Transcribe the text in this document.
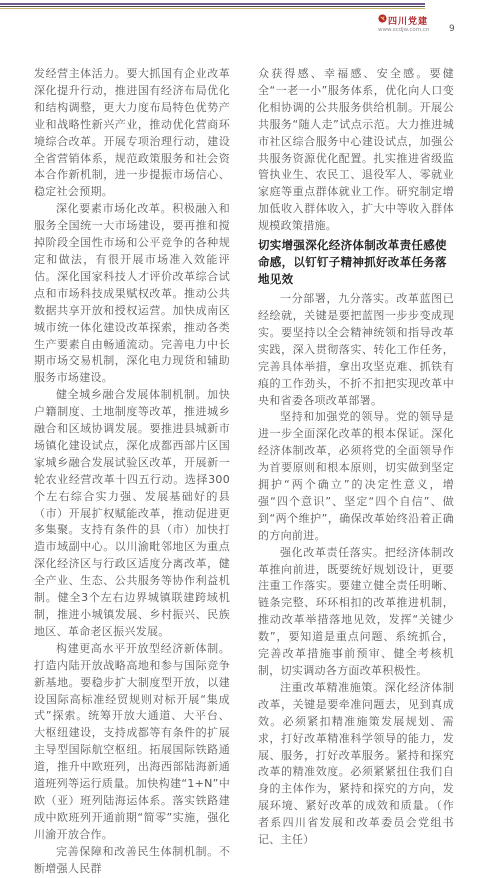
四川党建
www.scdjw.com.cn 9

发经营主体活力。要大抓国有企业改革深化提升行动，推进国有经济布局优化和结构调整，更大力度布局特色优势产业和战略性新兴产业，推动优化营商环境综合改革。开展专项治理行动，建设全省营销体系，规范政策服务和社会资本合作新机制，进一步提振市场信心、稳定社会预期。

深化要素市场化改革。积极融入和服务全国统一大市场建设，要再推和搅掉阶段全国性市场和公平竞争的各种规定和做法，有很开展市场准入效能评估。深化国家科技人才评价改革综合试点和市场科技成果赋权改革。推动公共数据共享开放和授权运营。加快成南区城市统一体化建设改革探索，推动各类生产要素自由畅通流动。完善电力中长期市场交易机制，深化电力现货和辅助服务市场建设。

健全城乡融合发展体制机制。加快户籍制度、土地制度等改革，推进城乡融合和区域协调发展。要推进县城新市场镇化建设试点，深化成都西部片区国家城乡融合发展试验区改革，开展新一轮农业经营改革十四五行动。选择300个左右综合实力强、发展基础好的县（市）开展扩权赋能改革，推动促进更多集聚。支持有条件的县（市）加快打造市域副中心。以川渝毗邻地区为重点深化经济区与行政区适度分离改革，健全产业、生态、公共服务等协作利益机制。健全3个左右边界城镇联建跨域机制，推进小城镇发展、乡村振兴、民族地区、革命老区振兴发展。

构建更高水平开放型经济新体制。打造内陆开放战略高地和参与国际竞争新基地。要稳步扩大制度型开放，以建设国际高标准经贸规则对标开展“集成式”探索。统筹开放大通道、大平台、大枢纽建设，支持成都等有条件的扩展主导型国际航空枢纽。拓展国际铁路通道，推升中欧班列，出海西部陆海新通道班列等运行质量。加快构建“1+N”中欧（亚）班列陆海运体系。落实铁路建成中欧班列开通前期“简零”实施，强化川渝开放合作。

完善保障和改善民生体制机制。不断增强人民群

众获得感、幸福感、安全感。要健全“一老一小”服务体系，优化向人口变化相协调的公共服务供给机制。开展公共服务“随人走”试点示范。大力推进城市社区综合服务中心建设试点，加强公共服务资源优化配置。扎实推进省级监管执业生、农民工、退役军人、零就业家庭等重点群体就业工作。研究制定增加低收入群体收入，扩大中等收入群体规模政策措施。

切实增强深化经济体制改革责任感使命感，以钉钉子精神抓好改革任务落地见效

一分部署，九分落实。改革蓝图已经绘就，关键是要把蓝图一步步变成现实。要坚持以全会精神统领和指导改革实践，深入贯彻落实、转化工作任务，完善具体举措，拿出攻坚克难、抓铁有痕的工作劲头，不折不扣把实现改革中央和省委各项改革部署。

坚持和加强党的领导。党的领导是进一步全面深化改革的根本保证。深化经济体制改革，必须将党的全面领导作为首要原则和根本原则，切实做到坚定拥护“两个确立”的决定性意义，增强“四个意识”、坚定“四个自信”、做到“两个维护”，确保改革始终沿着正确的方向前进。

强化改革责任落实。把经济体制改革推向前进，既要统好规划设计，更要注重工作落实。要建立健全责任明晰、链条完整、环环相扣的改革推进机制，推动改革举措落地见效，发挥“关键少数”，要知道是重点问题、系统抓合，完善改革措施事前预审、健全考核机制，切实调动各方面改革积极性。

注重改革精准施策。深化经济体制改革，关键是要牵准问题去，见到真成效。必须紧扣精准施策发展规划、需求，打好改革精准科学领导的能力，发展、服务，打好改革服务。紧持和探究改革的精准效度。必须紧紧扭住我们自身的主体作为，紧持和探究的方向，发展环境、紧好改革的成效和质量。（作者系四川省发展和改革委员会党组书记、主任）
